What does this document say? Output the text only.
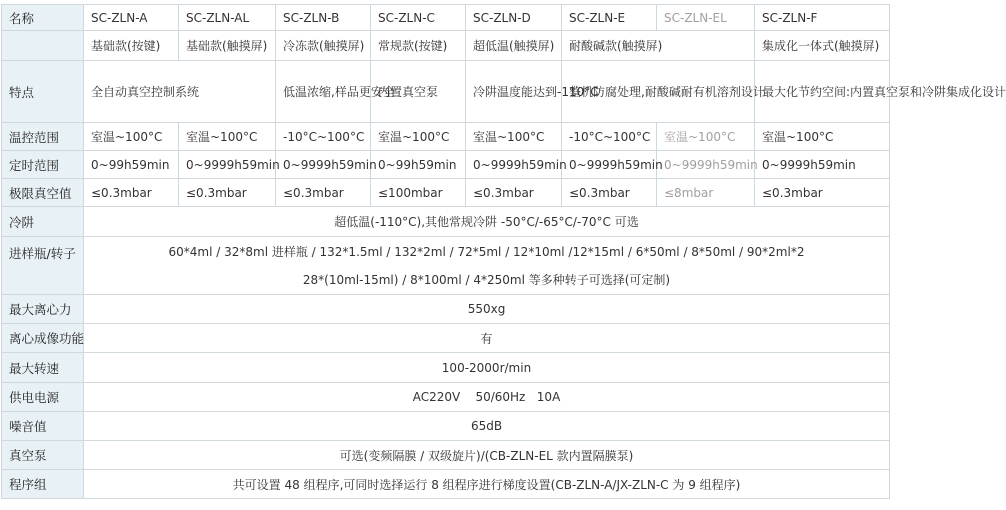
名称	SC-ZLN-A	SC-ZLN-AL	SC-ZLN-B	SC-ZLN-C	SC-ZLN-D	SC-ZLN-E	SC-ZLN-EL	SC-ZLN-F
	基础款(按键)	基础款(触摸屏)	冷冻款(触摸屏)	常规款(按键)	超低温(触摸屏)	耐酸碱款(触摸屏)		集成化一体式(触摸屏)
特点	全自动真空控制系统		低温浓缩,样品更安全	内置真空泵	冷阱温度能达到-110°C	整机防腐处理,耐酸碱耐有机溶剂设计		最大化节约空间:内置真空泵和冷阱集成化设计
温控范围	室温~100°C	室温~100°C	-10°C~100°C	室温~100°C	室温~100°C	-10°C~100°C	室温~100°C	室温~100°C
定时范围	0~99h59min	0~9999h59min	0~9999h59min	0~99h59min	0~9999h59min	0~9999h59min	0~9999h59min	0~9999h59min
极限真空值	≤0.3mbar	≤0.3mbar	≤0.3mbar	≤100mbar	≤0.3mbar	≤0.3mbar	≤8mbar	≤0.3mbar
冷阱	超低温(-110°C),其他常规冷阱 -50°C/-65°C/-70°C 可选							
进样瓶/转子	60*4ml / 32*8ml 进样瓶 / 132*1.5ml / 132*2ml / 72*5ml / 12*10ml /12*15ml / 6*50ml / 8*50ml / 90*2ml*2
28*(10ml-15ml) / 8*100ml / 4*250ml 等多种转子可选择(可定制)							

最大离心力	550xg							
离心成像功能	有							
最大转速	100-2000r/min							
供电电源	AC220V    50/60Hz   10A							
噪音值	65dB							
真空泵	可选(变频隔膜 / 双级旋片)/(CB-ZLN-EL 款内置隔膜泵)							
程序组	共可设置 48 组程序,可同时选择运行 8 组程序进行梯度设置(CB-ZLN-A/JX-ZLN-C 为 9 组程序)							
